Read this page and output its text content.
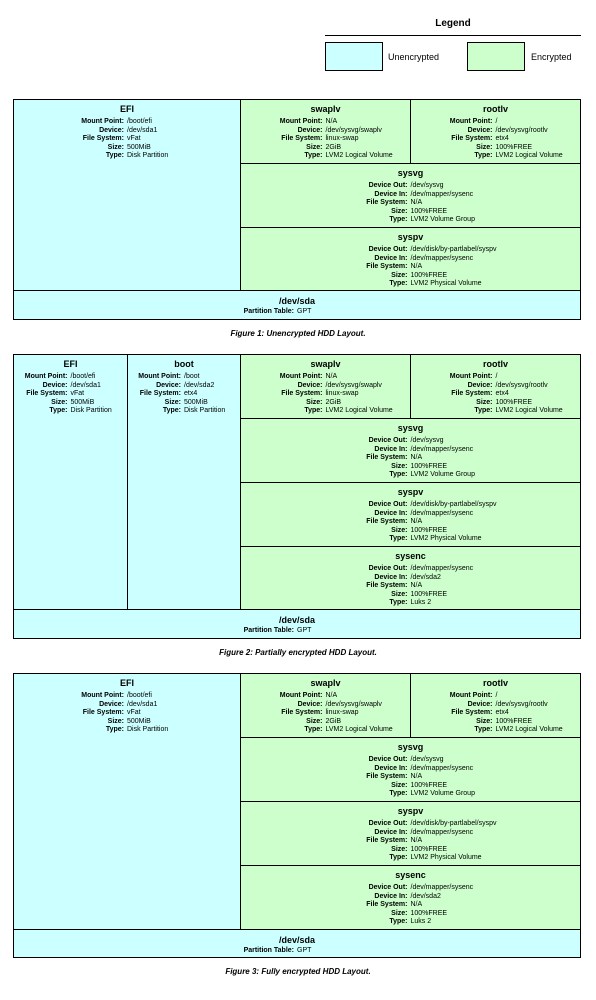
Legend
Unencrypted	Encrypted
EFI
Mount Point: /boot/efi
Device: /dev/sda1
File System: vFat
Size: 500MiB
Type: Disk Partition
swaplv
Mount Point: N/A
Device: /dev/sysvg/swaplv
File System: linux-swap
Size: 2GiB
Type: LVM2 Logical Volume
rootlv
Mount Point: /
Device: /dev/sysvg/rootlv
File System: etx4
Size: 100%FREE
Type: LVM2 Logical Volume
sysvg
Device Out: /dev/sysvg
Device In: /dev/mapper/sysenc
File System: N/A
Size: 100%FREE
Type: LVM2 Volume Group
syspv
Device Out: /dev/disk/by-partlabel/syspv
Device In: /dev/mapper/sysenc
File System: N/A
Size: 100%FREE
Type: LVM2 Physical Volume
/dev/sda
Partition Table: GPT
Figure 1: Unencrypted HDD Layout.
EFI
Mount Point: /boot/efi
Device: /dev/sda1
File System: vFat
Size: 500MiB
Type: Disk Partition
boot
Mount Point: /boot
Device: /dev/sda2
File System: etx4
Size: 500MiB
Type: Disk Partition
swaplv
Mount Point: N/A
Device: /dev/sysvg/swaplv
File System: linux-swap
Size: 2GiB
Type: LVM2 Logical Volume
rootlv
Mount Point: /
Device: /dev/sysvg/rootlv
File System: etx4
Size: 100%FREE
Type: LVM2 Logical Volume
sysvg
Device Out: /dev/sysvg
Device In: /dev/mapper/sysenc
File System: N/A
Size: 100%FREE
Type: LVM2 Volume Group
syspv
Device Out: /dev/disk/by-partlabel/syspv
Device In: /dev/mapper/sysenc
File System: N/A
Size: 100%FREE
Type: LVM2 Physical Volume
sysenc
Device Out: /dev/mapper/sysenc
Device In: /dev/sda2
File System: N/A
Size: 100%FREE
Type: Luks 2
/dev/sda
Partition Table: GPT
Figure 2: Partially encrypted HDD Layout.
EFI
Mount Point: /boot/efi
Device: /dev/sda1
File System: vFat
Size: 500MiB
Type: Disk Partition
swaplv
Mount Point: N/A
Device: /dev/sysvg/swaplv
File System: linux-swap
Size: 2GiB
Type: LVM2 Logical Volume
rootlv
Mount Point: /
Device: /dev/sysvg/rootlv
File System: etx4
Size: 100%FREE
Type: LVM2 Logical Volume
sysvg
Device Out: /dev/sysvg
Device In: /dev/mapper/sysenc
File System: N/A
Size: 100%FREE
Type: LVM2 Volume Group
syspv
Device Out: /dev/disk/by-partlabel/syspv
Device In: /dev/mapper/sysenc
File System: N/A
Size: 100%FREE
Type: LVM2 Physical Volume
sysenc
Device Out: /dev/mapper/sysenc
Device In: /dev/sda2
File System: N/A
Size: 100%FREE
Type: Luks 2
/dev/sda
Partition Table: GPT
Figure 3: Fully encrypted HDD Layout.
